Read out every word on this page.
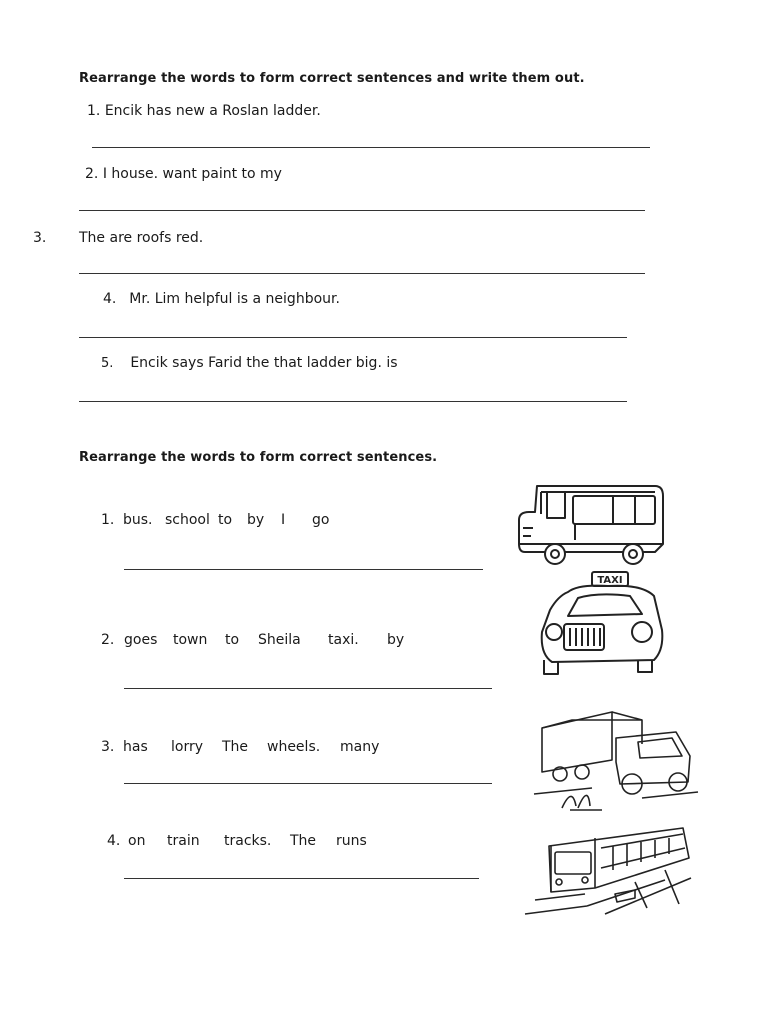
Rearrange the words to form correct sentences and write them out.
1. Encik has new a Roslan ladder.
2. I house. want paint to my
3. The are roofs red.
4. Mr. Lim helpful is a neighbour.
5. Encik says Farid the that ladder big. is
Rearrange the words to form correct sentences.
1. bus. school to by I go
2. goes town to Sheila taxi. by
3. has lorry The wheels. many
4. on train tracks. The runs
TAXI
